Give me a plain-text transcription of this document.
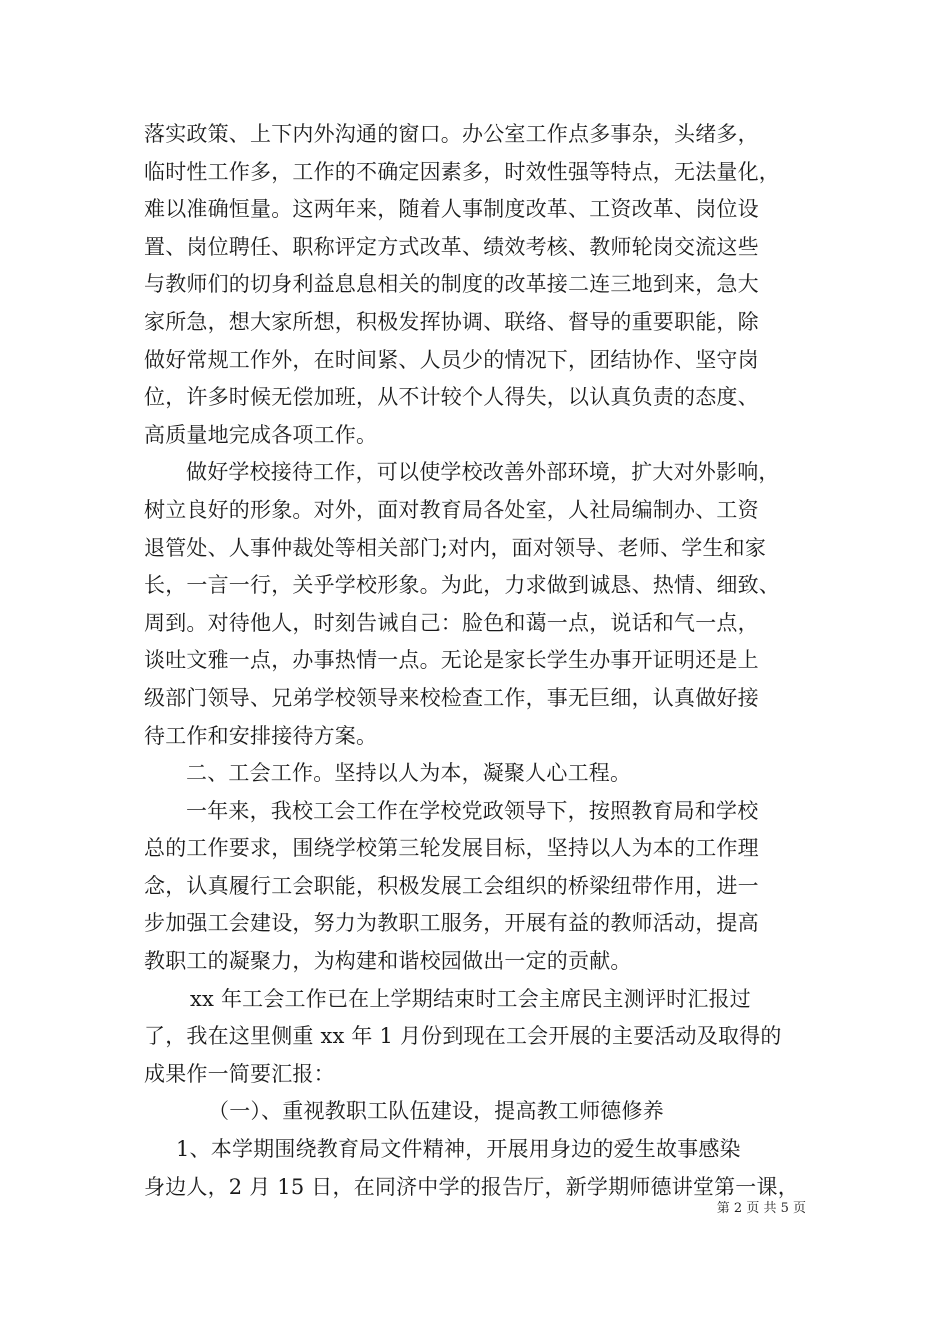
落实政策、上下内外沟通的窗口。办公室工作点多事杂，头绪多，
临时性工作多，工作的不确定因素多，时效性强等特点，无法量化，
难以准确恒量。这两年来，随着人事制度改革、工资改革、岗位设
置、岗位聘任、职称评定方式改革、绩效考核、教师轮岗交流这些
与教师们的切身利益息息相关的制度的改革接二连三地到来，急大
家所急，想大家所想，积极发挥协调、联络、督导的重要职能，除
做好常规工作外，在时间紧、人员少的情况下，团结协作、坚守岗
位，许多时候无偿加班，从不计较个人得失，以认真负责的态度、
高质量地完成各项工作。
做好学校接待工作，可以使学校改善外部环境，扩大对外影响，
树立良好的形象。对外，面对教育局各处室，人社局编制办、工资
退管处、人事仲裁处等相关部门;对内，面对领导、老师、学生和家
长，一言一行，关乎学校形象。为此，力求做到诚恳、热情、细致、
周到。对待他人，时刻告诫自己：脸色和蔼一点，说话和气一点，
谈吐文雅一点，办事热情一点。无论是家长学生办事开证明还是上
级部门领导、兄弟学校领导来校检查工作，事无巨细，认真做好接
待工作和安排接待方案。
二、工会工作。坚持以人为本，凝聚人心工程。
一年来，我校工会工作在学校党政领导下，按照教育局和学校
总的工作要求，围绕学校第三轮发展目标，坚持以人为本的工作理
念，认真履行工会职能，积极发展工会组织的桥梁纽带作用，进一
步加强工会建设，努力为教职工服务，开展有益的教师活动，提高
教职工的凝聚力，为构建和谐校园做出一定的贡献。
xx 年工会工作已在上学期结束时工会主席民主测评时汇报过
了，我在这里侧重 xx 年 1 月份到现在工会开展的主要活动及取得的
成果作一简要汇报：
（一）、重视教职工队伍建设，提高教工师德修养
1、本学期围绕教育局文件精神，开展用身边的爱生故事感染
身边人，2 月 15 日，在同济中学的报告厅，新学期师德讲堂第一课，
第 2 页 共 5 页
